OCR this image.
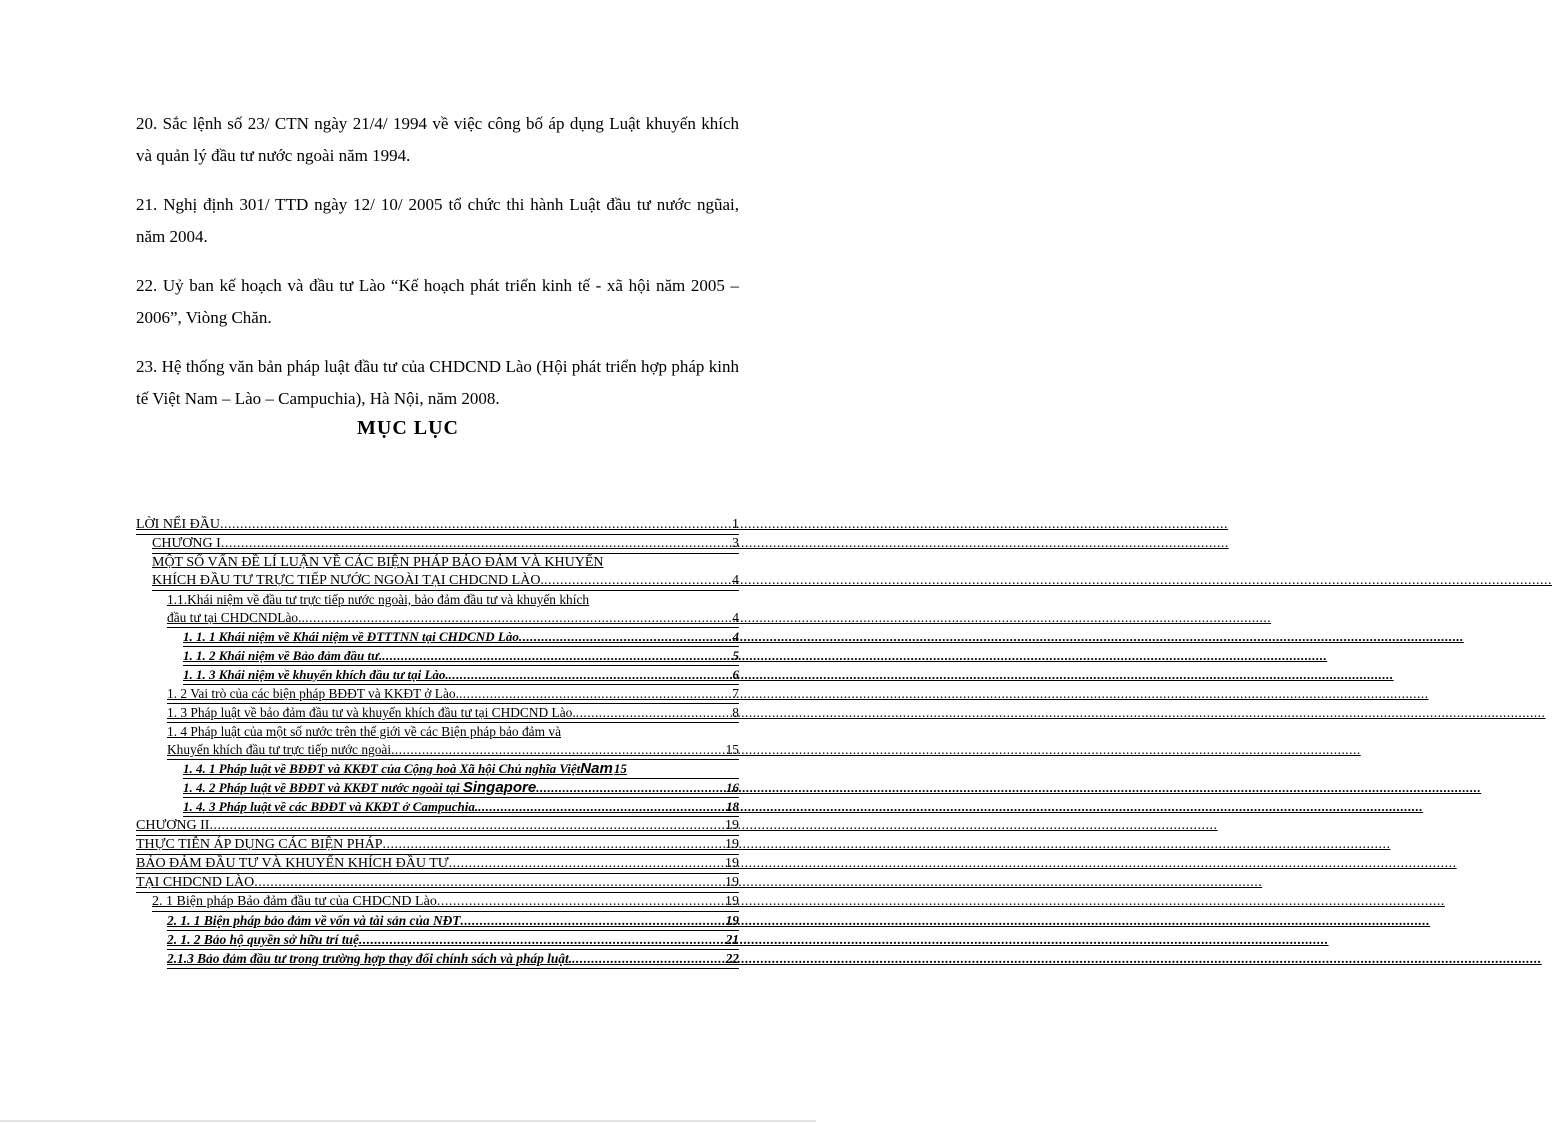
20. Sắc lệnh số 23/ CTN ngày 21/4/ 1994 về việc công bố áp dụng Luật khuyến khích và quản lý đầu tư nước ngoài năm 1994.

21. Nghị định 301/ TTD ngày 12/ 10/ 2005 tổ chức thi hành Luật đầu tư nước ngũai, năm 2004.

22. Uỷ ban kế hoạch và đầu tư Lào “Kế hoạch phát triển kinh tế - xã hội năm 2005 – 2006”, Viòng Chăn.

23. Hệ thống văn bản pháp luật đầu tư của CHDCND Lào (Hội phát triển hợp pháp kinh tế Việt Nam – Lào – Campuchia), Hà Nội, năm 2008.

MỤC LỤC
LỜI NỂI ĐẦU .....	1
CHƯƠNG I .....	3
MỘT SỐ VẤN ĐỀ LÍ LUẬN VỀ CÁC BIỆN PHÁP BẢO ĐẢM VÀ KHUYẾN
KHÍCH ĐẦU TƯ TRỰC TIẾP NƯỚC NGOÀI TẠI CHDCND LÀO. .....	4
1.1.Khái niệm về đầu tư trực tiếp nước ngoài, bảo đảm đầu tư và khuyến khích
đầu tư tại CHDCNDLào. .....	4
1. 1. 1 Khái niệm về Khái niệm về ĐTTTNN tại CHDCND Lào .....	4
1. 1. 2 Khái niệm về Bảo đảm đầu tư. .....	5
1. 1. 3 Khái niệm về khuyến khích đầu tư tại Lào. .....	6
1. 2 Vai trò của các biện pháp BĐĐT và KKĐT ở Lào. .....	7
1. 3 Pháp luật về bảo đảm đầu tư và khuyến khích đầu tư tại CHDCND Lào. .....	8
1. 4 Pháp luật của một số nước trên thế giới về các Biện pháp bảo đảm và
Khuyến khích đầu tư trực tiếp nước ngoài .....	15
1. 4. 1 Pháp luật về BĐĐT và KKĐT của Cộng hoà Xã hội Chủ nghĩa ViệtNam 15
1. 4. 2 Pháp luật về BĐĐT và KKĐT nước ngoài tại Singapore .....	16
1. 4. 3 Pháp luật về các BĐĐT và KKĐT ở Campuchia. .....	18
CHƯƠNG II .....	19
THỰC TIỄN ÁP DỤNG CÁC BIỆN PHÁP .....	19
BẢO ĐẢM ĐẦU TƯ VÀ KHUYẾN KHÍCH ĐẦU TƯ .....	19
TẠI CHDCND LÀO .....	19
2. 1 Biện pháp Bảo đảm đầu tư của CHDCND Lào .....	19
2. 1. 1 Biện pháp bảo đảm về vốn và tài sản của NĐT .....	19
2. 1. 2 Bảo hộ quyền sở hữu trí tuệ .....	21
2.1.3 Bảo đảm đầu tư trong trường hợp thay đổi chính sách và pháp luật. .....	22
